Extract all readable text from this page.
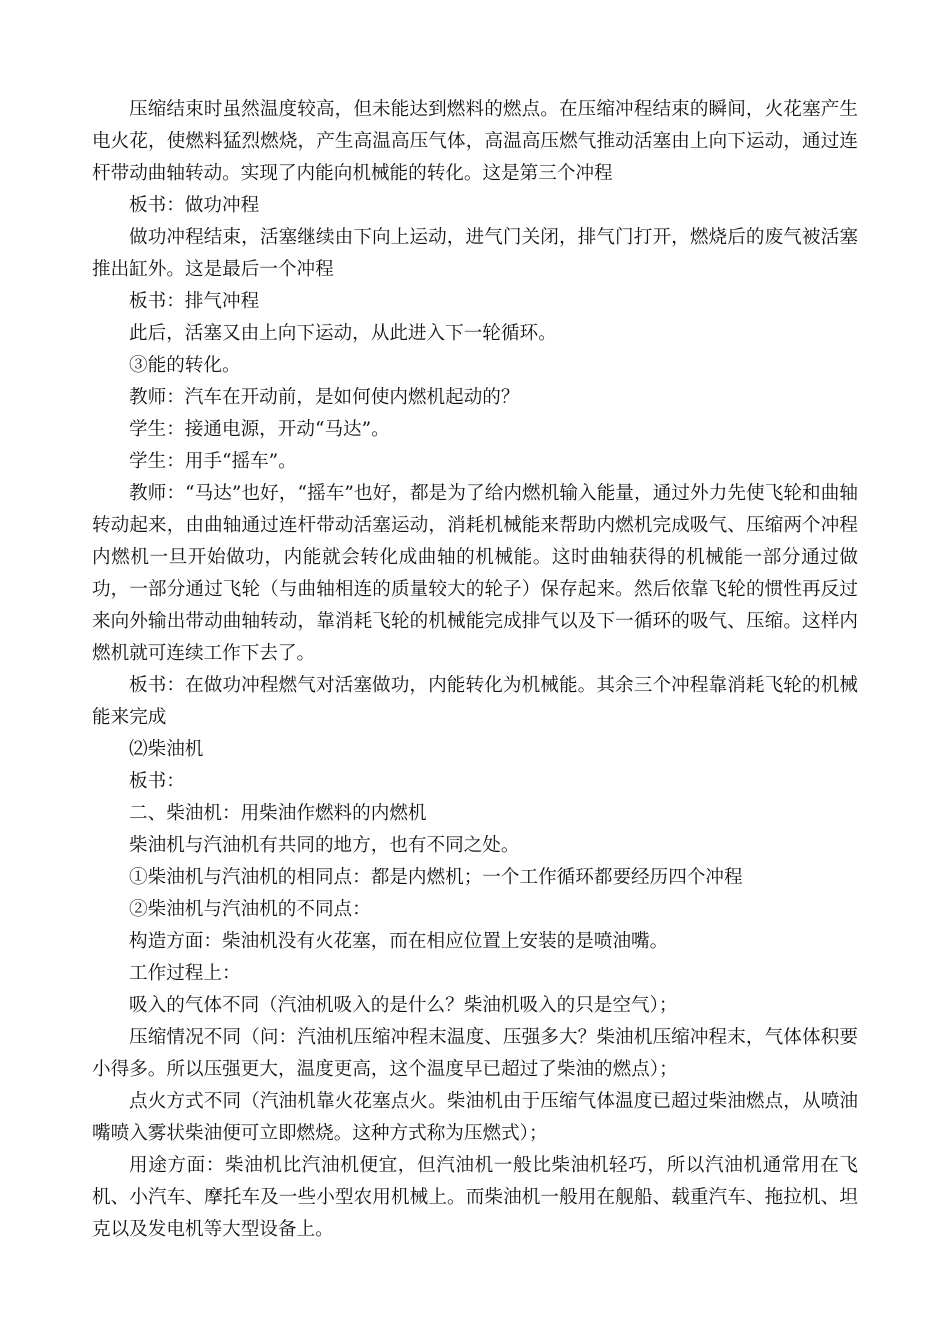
压缩结束时虽然温度较高，但未能达到燃料的燃点。在压缩冲程结束的瞬间，火花塞产生电火花，使燃料猛烈燃烧，产生高温高压气体，高温高压燃气推动活塞由上向下运动，通过连杆带动曲轴转动。实现了内能向机械能的转化。这是第三个冲程

板书：做功冲程

做功冲程结束，活塞继续由下向上运动，进气门关闭，排气门打开，燃烧后的废气被活塞推出缸外。这是最后一个冲程

板书：排气冲程

此后，活塞又由上向下运动，从此进入下一轮循环。

③能的转化。

教师：汽车在开动前，是如何使内燃机起动的？

学生：接通电源，开动“马达”。

学生：用手“摇车”。

教师：“马达”也好，“摇车”也好，都是为了给内燃机输入能量，通过外力先使飞轮和曲轴转动起来，由曲轴通过连杆带动活塞运动，消耗机械能来帮助内燃机完成吸气、压缩两个冲程内燃机一旦开始做功，内能就会转化成曲轴的机械能。这时曲轴获得的机械能一部分通过做功，一部分通过飞轮（与曲轴相连的质量较大的轮子）保存起来。然后依靠飞轮的惯性再反过来向外输出带动曲轴转动，靠消耗飞轮的机械能完成排气以及下一循环的吸气、压缩。这样内燃机就可连续工作下去了。

板书：在做功冲程燃气对活塞做功，内能转化为机械能。其余三个冲程靠消耗飞轮的机械能来完成

⑵柴油机

板书：

二、柴油机：用柴油作燃料的内燃机

柴油机与汽油机有共同的地方，也有不同之处。

①柴油机与汽油机的相同点：都是内燃机；一个工作循环都要经历四个冲程

②柴油机与汽油机的不同点：

构造方面：柴油机没有火花塞，而在相应位置上安装的是喷油嘴。

工作过程上：

吸入的气体不同（汽油机吸入的是什么？柴油机吸入的只是空气）；

压缩情况不同（问：汽油机压缩冲程末温度、压强多大？柴油机压缩冲程末，气体体积要小得多。所以压强更大，温度更高，这个温度早已超过了柴油的燃点）；

点火方式不同（汽油机靠火花塞点火。柴油机由于压缩气体温度已超过柴油燃点，从喷油嘴喷入雾状柴油便可立即燃烧。这种方式称为压燃式）；

用途方面：柴油机比汽油机便宜，但汽油机一般比柴油机轻巧，所以汽油机通常用在飞机、小汽车、摩托车及一些小型农用机械上。而柴油机一般用在舰船、载重汽车、拖拉机、坦克以及发电机等大型设备上。
